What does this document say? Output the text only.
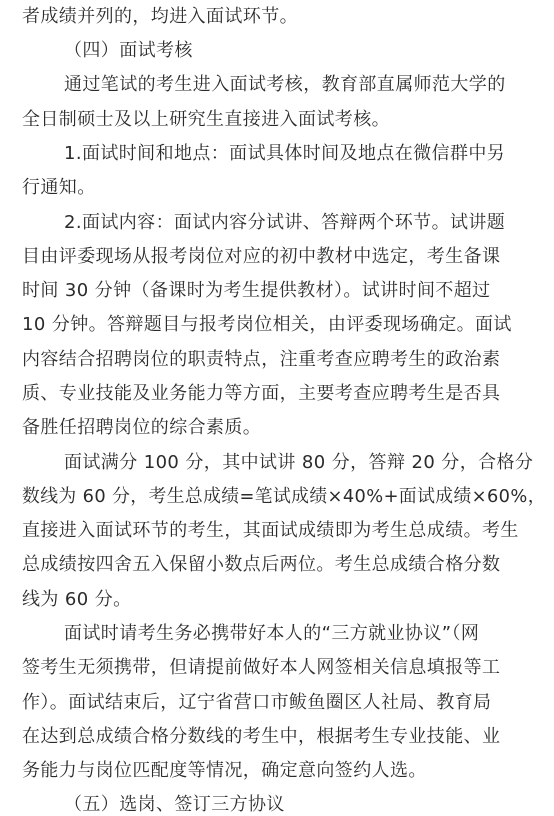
者成绩并列的，均进入面试环节。
（四）面试考核
通过笔试的考生进入面试考核，教育部直属师范大学的
全日制硕士及以上研究生直接进入面试考核。
1.面试时间和地点：面试具体时间及地点在微信群中另
行通知。
2.面试内容：面试内容分试讲、答辩两个环节。试讲题
目由评委现场从报考岗位对应的初中教材中选定，考生备课
时间 30 分钟（备课时为考生提供教材）。试讲时间不超过
10 分钟。答辩题目与报考岗位相关，由评委现场确定。面试
内容结合招聘岗位的职责特点，注重考查应聘考生的政治素
质、专业技能及业务能力等方面，主要考查应聘考生是否具
备胜任招聘岗位的综合素质。
面试满分 100 分，其中试讲 80 分，答辩 20 分，合格分
数线为 60 分，考生总成绩=笔试成绩×40%+面试成绩×60%，
直接进入面试环节的考生，其面试成绩即为考生总成绩。考生
总成绩按四舍五入保留小数点后两位。考生总成绩合格分数
线为 60 分。
面试时请考生务必携带好本人的“三方就业协议”（网
签考生无须携带，但请提前做好本人网签相关信息填报等工
作）。面试结束后，辽宁省营口市鲅鱼圈区人社局、教育局
在达到总成绩合格分数线的考生中，根据考生专业技能、业
务能力与岗位匹配度等情况，确定意向签约人选。
（五）选岗、签订三方协议
